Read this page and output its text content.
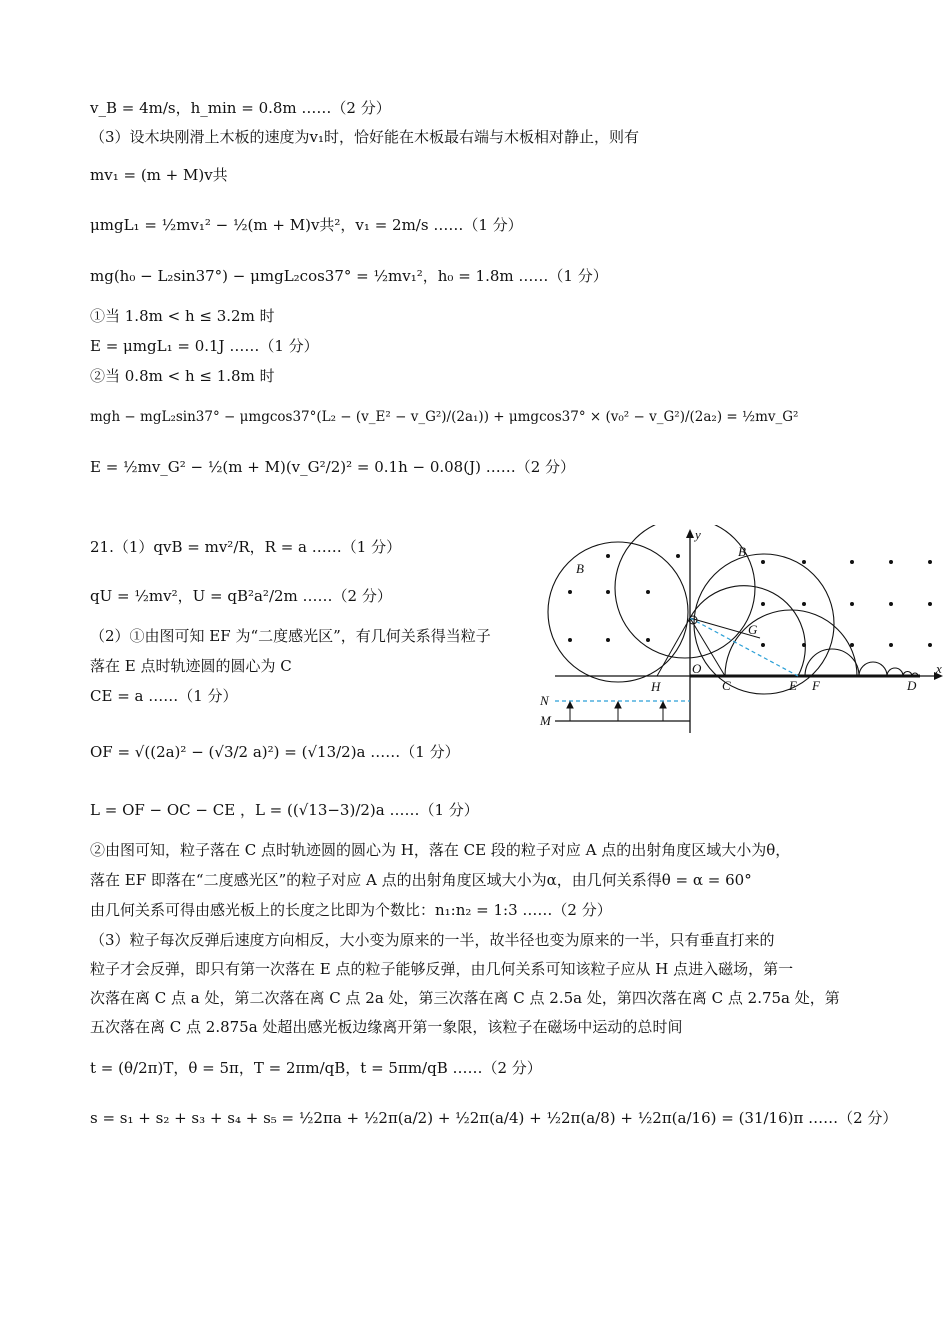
v_B = 4m/s，h_min = 0.8m ……（2 分）
（3）设木块刚滑上木板的速度为v₁时，恰好能在木板最右端与木板相对静止，则有
mv₁ = (m + M)v共
μmgL₁ = ½mv₁² − ½(m + M)v共²，v₁ = 2m/s ……（1 分）
mg(h₀ − L₂sin37°) − μmgL₂cos37° = ½mv₁²，h₀ = 1.8m ……（1 分）
①当 1.8m < h ≤ 3.2m 时
E = μmgL₁ = 0.1J ……（1 分）
②当 0.8m < h ≤ 1.8m 时
mgh − mgL₂sin37° − μmgcos37°(L₂ − (v_E² − v_G²)/(2a₁)) + μmgcos37° × (v₀² − v_G²)/(2a₂) = ½mv_G²
E = ½mv_G² − ½(m + M)(v_G²/2)² = 0.1h − 0.08(J) ……（2 分）
21.（1）qvB = mv²/R，R = a ……（1 分）
qU = ½mv²，U = qB²a²/2m ……（2 分）
（2）①由图可知 EF 为“二度感光区”，有几何关系得当粒子
落在 E 点时轨迹圆的圆心为 C
CE = a ……（1 分）
OF = √((2a)² − (√3/2 a)²) = (√13/2)a ……（1 分）
L = OF − OC − CE ，L = ((√13−3)/2)a ……（1 分）
②由图可知，粒子落在 C 点时轨迹圆的圆心为 H，落在 CE 段的粒子对应 A 点的出射角度区域大小为θ，
落在 EF 即落在“二度感光区”的粒子对应 A 点的出射角度区域大小为α，由几何关系得θ = α = 60°
由几何关系可得由感光板上的长度之比即为个数比：n₁:n₂ = 1:3 ……（2 分）
（3）粒子每次反弹后速度方向相反，大小变为原来的一半，故半径也变为原来的一半，只有垂直打来的
粒子才会反弹，即只有第一次落在 E 点的粒子能够反弹，由几何关系可知该粒子应从 H 点进入磁场，第一
次落在离 C 点 a 处，第二次落在离 C 点 2a 处，第三次落在离 C 点 2.5a 处，第四次落在离 C 点 2.75a 处，第
五次落在离 C 点 2.875a 处超出感光板边缘离开第一象限，该粒子在磁场中运动的总时间
t = (θ/2π)T，θ = 5π，T = 2πm/qB，t = 5πm/qB ……（2 分）
s = s₁ + s₂ + s₃ + s₄ + s₅ = ½2πa + ½2π(a/2) + ½2π(a/4) + ½2π(a/8) + ½2π(a/16) = (31/16)π ……（2 分）
y
x
B
B
G
O
H	C	E F	D
N
M
